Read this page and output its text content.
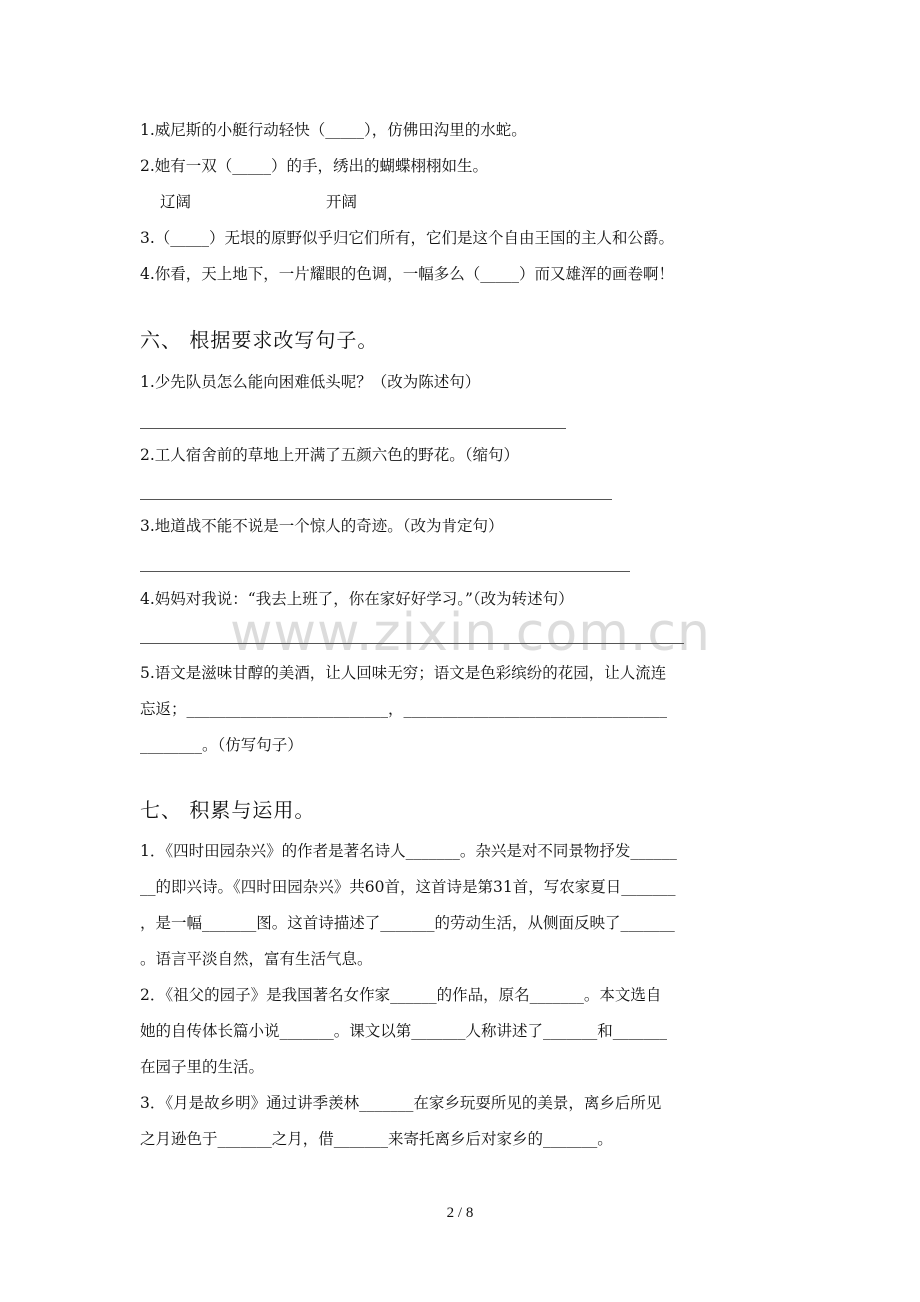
www.zixin.com.cn
1.威尼斯的小艇行动轻快（_____），仿佛田沟里的水蛇。
2.她有一双（_____）的手，绣出的蝴蝶栩栩如生。
辽阔	开阔
3.（_____）无垠的原野似乎归它们所有，它们是这个自由王国的主人和公爵。
4.你看，天上地下，一片耀眼的色调，一幅多么（_____）而又雄浑的画卷啊！
六、 根据要求改写句子。
1.少先队员怎么能向困难低头呢？（改为陈述句）
2.工人宿舍前的草地上开满了五颜六色的野花。（缩句）
3.地道战不能不说是一个惊人的奇迹。（改为肯定句）
4.妈妈对我说：“我去上班了，你在家好好学习。”（改为转述句）
5.语文是滋味甘醇的美酒，让人回味无穷；语文是色彩缤纷的花园，让人流连
忘返；__________________________，__________________________________
________。（仿写句子）
七、 积累与运用。
1．《四时田园杂兴》的作者是著名诗人_______。杂兴是对不同景物抒发______
__的即兴诗。《四时田园杂兴》共60首，这首诗是第31首，写农家夏日_______
，是一幅_______图。这首诗描述了_______的劳动生活，从侧面反映了_______
。语言平淡自然，富有生活气息。
2．《祖父的园子》是我国著名女作家______的作品，原名_______。本文选自
她的自传体长篇小说_______。课文以第_______人称讲述了_______和_______
在园子里的生活。
3．《月是故乡明》通过讲季羡林_______在家乡玩耍所见的美景，离乡后所见
之月逊色于_______之月，借_______来寄托离乡后对家乡的_______。
2 / 8
